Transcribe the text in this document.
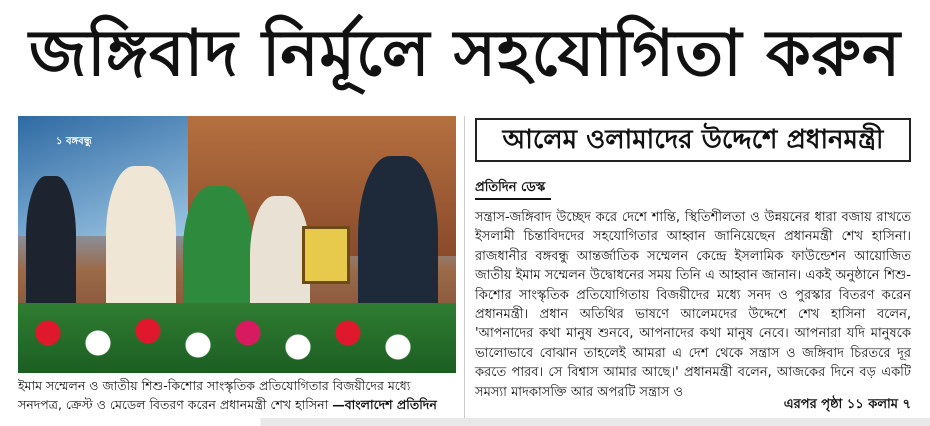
জঙ্গিবাদ নির্মূলে সহযোগিতা করুন
১ বঙ্গবন্ধু
ইমাম সম্মেলন ও জাতীয় শিশু-কিশোর সাংস্কৃতিক প্রতিযোগিতার বিজয়ীদের মধ্যে সনদপত্র, ক্রেস্ট ও মেডেল বিতরণ করেন প্রধানমন্ত্রী শেখ হাসিনা —বাংলাদেশ প্রতিদিন
আলেম ওলামাদের উদ্দেশে প্রধানমন্ত্রী
প্রতিদিন ডেস্ক
সন্ত্রাস-জঙ্গিবাদ উচ্ছেদ করে দেশে শান্তি, স্থিতিশীলতা ও উন্নয়নের ধারা বজায় রাখতে ইসলামী চিন্তাবিদদের সহযোগিতার আহ্বান জানিয়েছেন প্রধানমন্ত্রী শেখ হাসিনা। রাজধানীর বঙ্গবন্ধু আন্তর্জাতিক সম্মেলন কেন্দ্রে ইসলামিক ফাউন্ডেশন আয়োজিত জাতীয় ইমাম সম্মেলন উদ্বোধনের সময় তিনি এ আহ্বান জানান। একই অনুষ্ঠানে শিশু-কিশোর সাংস্কৃতিক প্রতিযোগিতায় বিজয়ীদের মধ্যে সনদ ও পুরস্কার বিতরণ করেন প্রধানমন্ত্রী। প্রধান অতিথির ভাষণে আলেমদের উদ্দেশে শেখ হাসিনা বলেন, 'আপনাদের কথা মানুষ শুনবে, আপনাদের কথা মানুষ নেবে। আপনারা যদি মানুষকে ভালোভাবে বোঝান তাহলেই আমরা এ দেশ থেকে সন্ত্রাস ও জঙ্গিবাদ চিরতরে দূর করতে পারব। সে বিশ্বাস আমার আছে।' প্রধানমন্ত্রী বলেন, আজকের দিনে বড় একটি সমস্যা মাদকাসক্তি আর অপরটি সন্ত্রাস ও
এরপর পৃষ্ঠা ১১ কলাম ৭
